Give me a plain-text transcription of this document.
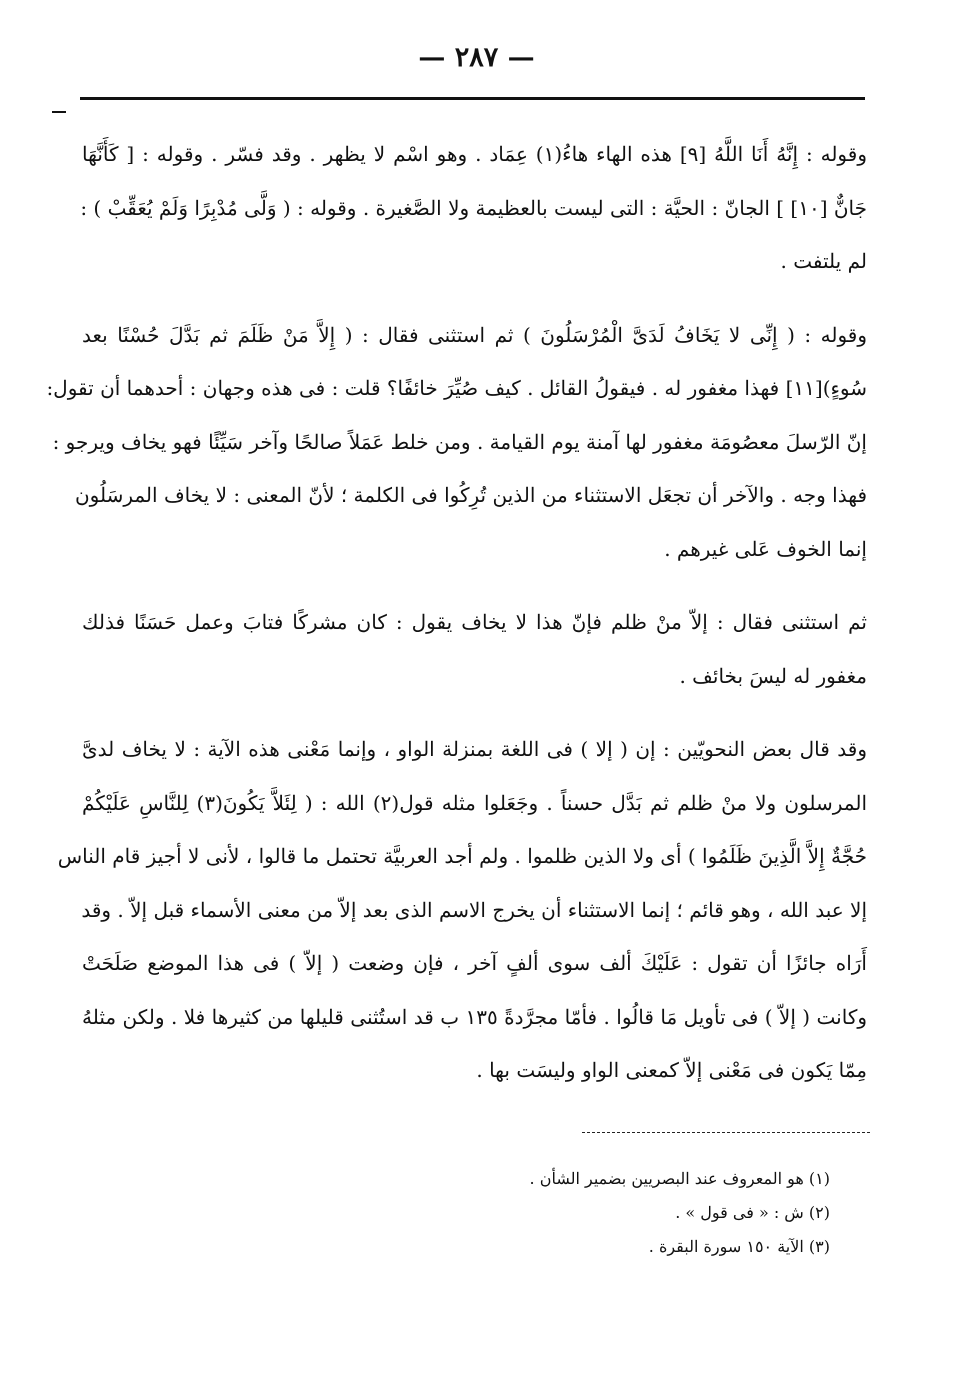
— ٢٨٧ —
وقوله : إِنَّهُ أَنَا اللَّهُ [٩] هذه الهاء هاءُ(١) عِمَاد . وهو اسْم لا يظهر . وقد فسّر . وقوله : [ كَأَنَّهَا
جَانٌّ [١٠] ] الجانّ : الحيَّة : التى ليست بالعظيمة ولا الصَّغيرة . وقوله : ( وَلَّى مُدْبِرًا وَلَمْ يُعَقِّبْ ) :
لم يلتفت .
وقوله : ( إِنِّى لا يَخَافُ لَدَىَّ الْمُرْسَلُونَ ) ثم استثنى فقال : ( إِلاَّ مَنْ ظَلَمَ ثم بَدَّلَ حُسْنًا بعد
سُوءٍ)[١١] فهذا مغفور له . فيقولُ القائل . كيف صُيِّرَ خائفًا؟ قلت : فى هذه وجهان : أحدهما أن تقول:
إنّ الرّسلَ معصُومَة مغفور لها آمنة يوم القيامة . ومن خلط عَمَلاً صالحًا وآخر سَيِّئًا فهو يخاف ويرجو :
فهذا وجه . والآخر أن تجعَل الاستثناء من الذين تُرِكُوا فى الكلمة ؛ لأنّ المعنى : لا يخاف المرسَلُون
إنما الخوف عَلى غيرهم .
ثم استثنى فقال : إلاّ منْ ظلم فإنّ هذا لا يخاف يقول : كان مشركًا فتابَ وعمل حَسَنًا فذلك
مغفور له ليسَ بخائف .
وقد قال بعض النحويّين : إن ( إلا ) فى اللغة بمنزلة الواو ، وإنما مَعْنى هذه الآية : لا يخاف لدىَّ
المرسلون ولا منْ ظلم ثم بَدَّل حسناً . وجَعَلوا مثله قول(٢) الله : ( لِئَلاَّ يَكُونَ(٣) لِلنَّاسِ عَلَيْكُمْ
حُجَّةٌ إِلاَّ الَّذِينَ ظَلَمُوا ) أى ولا الذين ظلموا . ولم أجد العربيَّة تحتمل ما قالوا ، لأنى لا أجيز قام الناس
إلا عبد الله ، وهو قائم ؛ إنما الاستثناء أن يخرج الاسم الذى بعد إلاّ من معنى الأسماء قبل إلاّ . وقد
أَرَاه جائزًا أن تقول : عَلَيْكَ ألف سوى ألفٍ آخر ، فإن وضعت ( إلاّ ) فى هذا الموضع صَلَحَتْ
وكانت ( إلاّ ) فى تأويل مَا قالُوا . فأمّا مجرَّدةً ١٣٥ ب قد استُثنى قليلها من كثيرها فلا . ولكن مثلهُ
مِمّا يَكون فى مَعْنى إلاّ كمعنى الواو وليسَت بها .
(١) هو المعروف عند البصريين بضمير الشأن .
(٢) ش : « فى قول » .
(٣) الآية ١٥٠ سورة البقرة .
